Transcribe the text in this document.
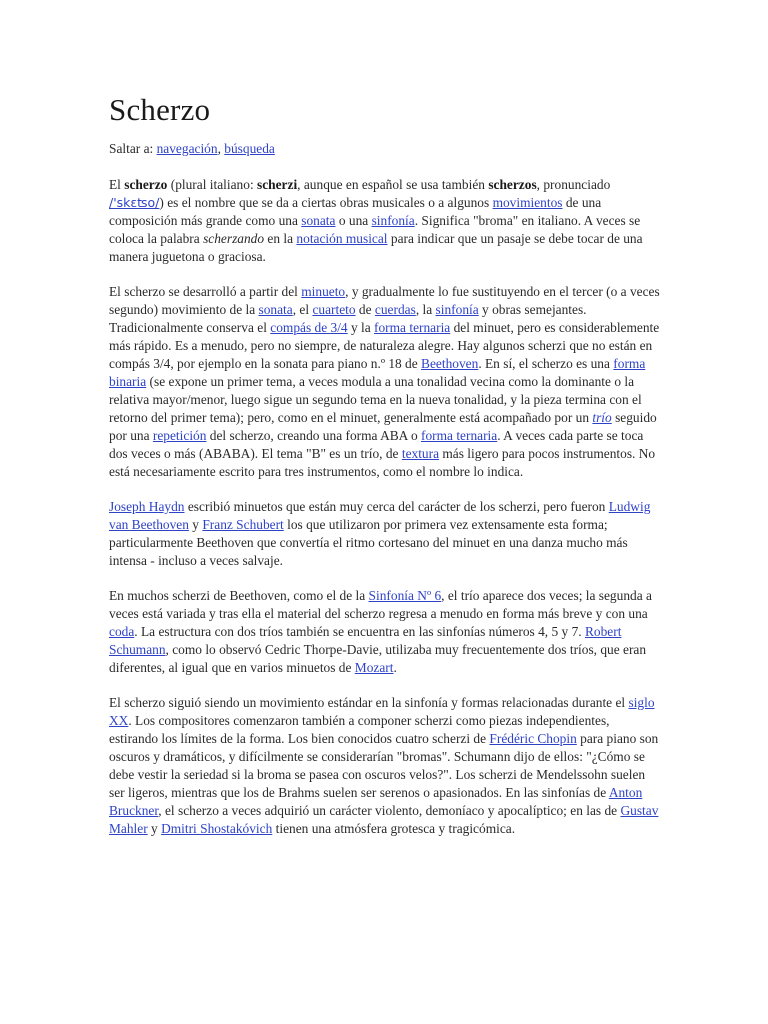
Scherzo

Saltar a: navegación, búsqueda

El scherzo (plural italiano: scherzi, aunque en español se usa también scherzos, pronunciado /'skɛʦo/) es el nombre que se da a ciertas obras musicales o a algunos movimientos de una composición más grande como una sonata o una sinfonía. Significa "broma" en italiano. A veces se coloca la palabra scherzando en la notación musical para indicar que un pasaje se debe tocar de una manera juguetona o graciosa.

El scherzo se desarrolló a partir del minueto, y gradualmente lo fue sustituyendo en el tercer (o a veces segundo) movimiento de la sonata, el cuarteto de cuerdas, la sinfonía y obras semejantes. Tradicionalmente conserva el compás de 3/4 y la forma ternaria del minuet, pero es considerablemente más rápido. Es a menudo, pero no siempre, de naturaleza alegre. Hay algunos scherzi que no están en compás 3/4, por ejemplo en la sonata para piano n.º 18 de Beethoven. En sí, el scherzo es una forma binaria (se expone un primer tema, a veces modula a una tonalidad vecina como la dominante o la relativa mayor/menor, luego sigue un segundo tema en la nueva tonalidad, y la pieza termina con el retorno del primer tema); pero, como en el minuet, generalmente está acompañado por un trío seguido por una repetición del scherzo, creando una forma ABA o forma ternaria. A veces cada parte se toca dos veces o más (ABABA). El tema "B" es un trío, de textura más ligero para pocos instrumentos. No está necesariamente escrito para tres instrumentos, como el nombre lo indica.

Joseph Haydn escribió minuetos que están muy cerca del carácter de los scherzi, pero fueron Ludwig van Beethoven y Franz Schubert los que utilizaron por primera vez extensamente esta forma; particularmente Beethoven que convertía el ritmo cortesano del minuet en una danza mucho más intensa - incluso a veces salvaje.

En muchos scherzi de Beethoven, como el de la Sinfonía Nº 6, el trío aparece dos veces; la segunda a veces está variada y tras ella el material del scherzo regresa a menudo en forma más breve y con una coda. La estructura con dos tríos también se encuentra en las sinfonías números 4, 5 y 7. Robert Schumann, como lo observó Cedric Thorpe-Davie, utilizaba muy frecuentemente dos tríos, que eran diferentes, al igual que en varios minuetos de Mozart.

El scherzo siguió siendo un movimiento estándar en la sinfonía y formas relacionadas durante el siglo XX. Los compositores comenzaron también a componer scherzi como piezas independientes, estirando los límites de la forma. Los bien conocidos cuatro scherzi de Frédéric Chopin para piano son oscuros y dramáticos, y difícilmente se considerarían "bromas". Schumann dijo de ellos: "¿Cómo se debe vestir la seriedad si la broma se pasea con oscuros velos?". Los scherzi de Mendelssohn suelen ser ligeros, mientras que los de Brahms suelen ser serenos o apasionados. En las sinfonías de Anton Bruckner, el scherzo a veces adquirió un carácter violento, demoníaco y apocalíptico; en las de Gustav Mahler y Dmitri Shostakóvich tienen una atmósfera grotesca y tragicómica.
